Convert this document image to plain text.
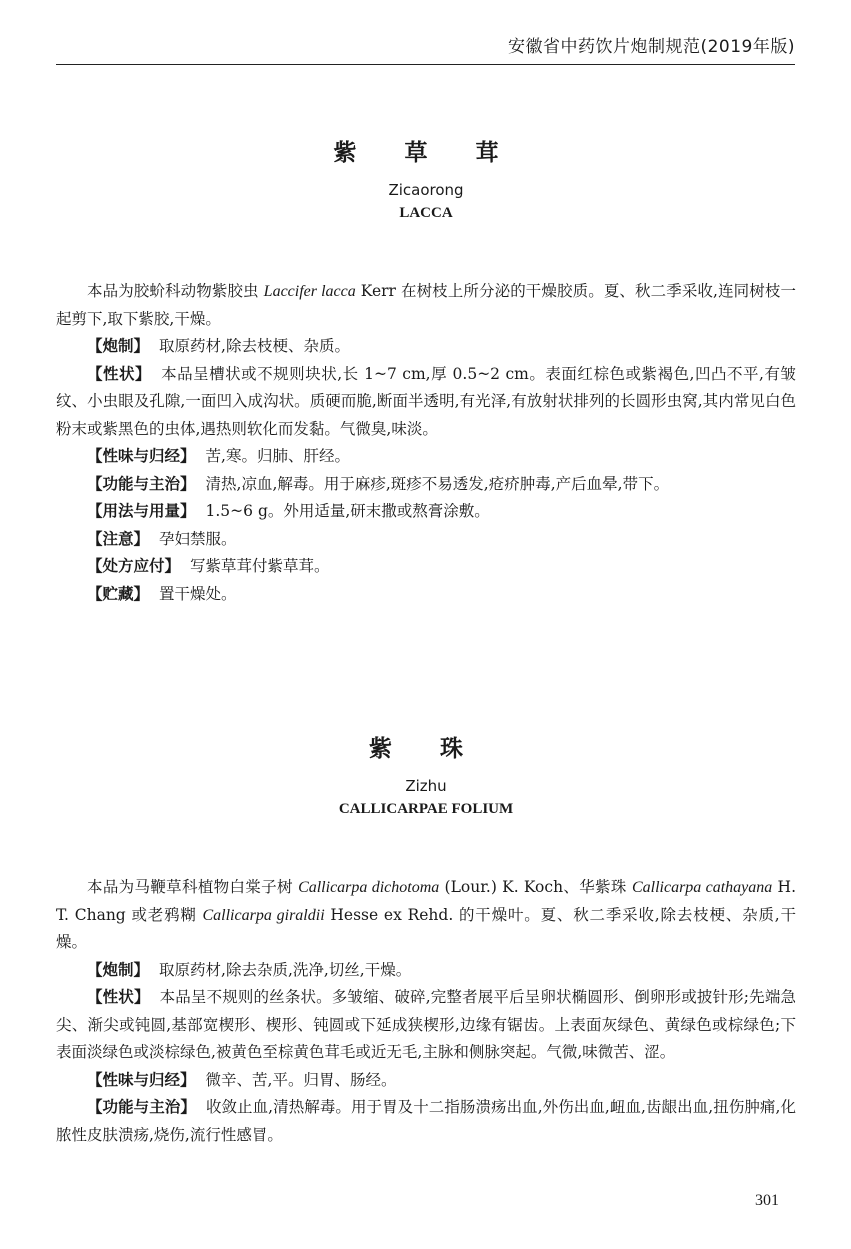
安徽省中药饮片炮制规范(2019年版)
紫 草 茸
Zicaorong
LACCA

本品为胶蚧科动物紫胶虫 Laccifer lacca Kerr 在树枝上所分泌的干燥胶质。夏、秋二季采收,连同树枝一起剪下,取下紫胶,干燥。

【炮制】 取原药材,除去枝梗、杂质。

【性状】 本品呈槽状或不规则块状,长 1~7 cm,厚 0.5~2 cm。表面红棕色或紫褐色,凹凸不平,有皱纹、小虫眼及孔隙,一面凹入成沟状。质硬而脆,断面半透明,有光泽,有放射状排列的长圆形虫窝,其内常见白色粉末或紫黑色的虫体,遇热则软化而发黏。气微臭,味淡。

【性味与归经】 苦,寒。归肺、肝经。

【功能与主治】 清热,凉血,解毒。用于麻疹,斑疹不易透发,疮疥肿毒,产后血晕,带下。

【用法与用量】 1.5~6 g。外用适量,研末撒或熬膏涂敷。

【注意】 孕妇禁服。

【处方应付】 写紫草茸付紫草茸。

【贮藏】 置干燥处。

紫 珠
Zizhu
CALLICARPAE FOLIUM

本品为马鞭草科植物白棠子树 Callicarpa dichotoma (Lour.) K. Koch、华紫珠 Callicarpa cathayana H. T. Chang 或老鸦糊 Callicarpa giraldii Hesse ex Rehd. 的干燥叶。夏、秋二季采收,除去枝梗、杂质,干燥。

【炮制】 取原药材,除去杂质,洗净,切丝,干燥。

【性状】 本品呈不规则的丝条状。多皱缩、破碎,完整者展平后呈卵状椭圆形、倒卵形或披针形;先端急尖、渐尖或钝圆,基部宽楔形、楔形、钝圆或下延成狭楔形,边缘有锯齿。上表面灰绿色、黄绿色或棕绿色;下表面淡绿色或淡棕绿色,被黄色至棕黄色茸毛或近无毛,主脉和侧脉突起。气微,味微苦、涩。

【性味与归经】 微辛、苦,平。归胃、肠经。

【功能与主治】 收敛止血,清热解毒。用于胃及十二指肠溃疡出血,外伤出血,衄血,齿龈出血,扭伤肿痛,化脓性皮肤溃疡,烧伤,流行性感冒。

301
